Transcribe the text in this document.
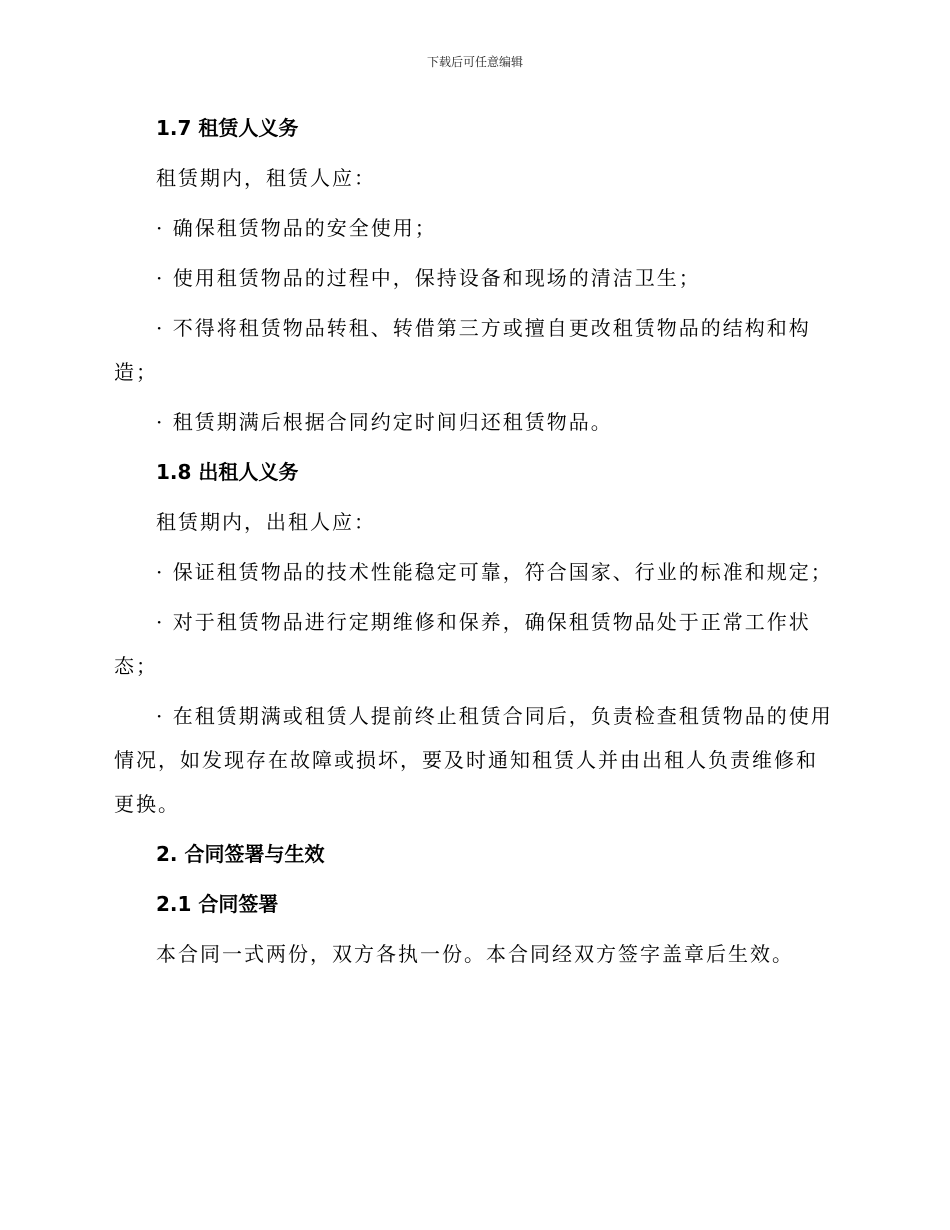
下载后可任意编辑
1.7 租赁人义务
租赁期内，租赁人应：
· 确保租赁物品的安全使用；
· 使用租赁物品的过程中，保持设备和现场的清洁卫生；
· 不得将租赁物品转租、转借第三方或擅自更改租赁物品的结构和构造；
· 租赁期满后根据合同约定时间归还租赁物品。
1.8 出租人义务
租赁期内，出租人应：
· 保证租赁物品的技术性能稳定可靠，符合国家、行业的标准和规定；
· 对于租赁物品进行定期维修和保养，确保租赁物品处于正常工作状态；
· 在租赁期满或租赁人提前终止租赁合同后，负责检查租赁物品的使用情况，如发现存在故障或损坏，要及时通知租赁人并由出租人负责维修和更换。
2. 合同签署与生效
2.1 合同签署
本合同一式两份，双方各执一份。本合同经双方签字盖章后生效。
